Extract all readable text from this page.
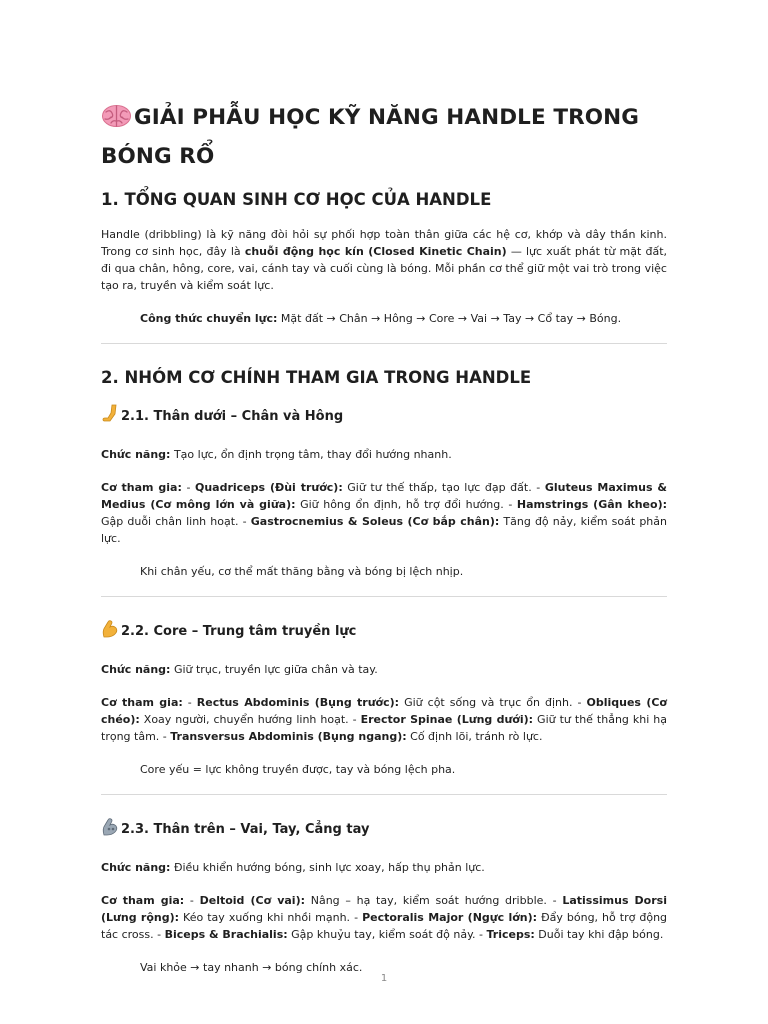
GIẢI PHẪU HỌC KỸ NĂNG HANDLE TRONG BÓNG RỔ
1. TỔNG QUAN SINH CƠ HỌC CỦA HANDLE

Handle (dribbling) là kỹ năng đòi hỏi sự phối hợp toàn thân giữa các hệ cơ, khớp và dây thần kinh. Trong cơ sinh học, đây là chuỗi động học kín (Closed Kinetic Chain) — lực xuất phát từ mặt đất, đi qua chân, hông, core, vai, cánh tay và cuối cùng là bóng. Mỗi phần cơ thể giữ một vai trò trong việc tạo ra, truyền và kiểm soát lực.

Công thức chuyển lực: Mặt đất → Chân → Hông → Core → Vai → Tay → Cổ tay → Bóng.

2. NHÓM CƠ CHÍNH THAM GIA TRONG HANDLE
2.1. Thân dưới – Chân và Hông

Chức năng: Tạo lực, ổn định trọng tâm, thay đổi hướng nhanh.

Cơ tham gia: - Quadriceps (Đùi trước): Giữ tư thế thấp, tạo lực đạp đất. - Gluteus Maximus & Medius (Cơ mông lớn và giữa): Giữ hông ổn định, hỗ trợ đổi hướng. - Hamstrings (Gân kheo): Gập duỗi chân linh hoạt. - Gastrocnemius & Soleus (Cơ bắp chân): Tăng độ nảy, kiểm soát phản lực.

Khi chân yếu, cơ thể mất thăng bằng và bóng bị lệch nhịp.

2.2. Core – Trung tâm truyền lực

Chức năng: Giữ trục, truyền lực giữa chân và tay.

Cơ tham gia: - Rectus Abdominis (Bụng trước): Giữ cột sống và trục ổn định. - Obliques (Cơ chéo): Xoay người, chuyển hướng linh hoạt. - Erector Spinae (Lưng dưới): Giữ tư thế thẳng khi hạ trọng tâm. - Transversus Abdominis (Bụng ngang): Cố định lõi, tránh rò lực.

Core yếu = lực không truyền được, tay và bóng lệch pha.

2.3. Thân trên – Vai, Tay, Cẳng tay

Chức năng: Điều khiển hướng bóng, sinh lực xoay, hấp thụ phản lực.

Cơ tham gia: - Deltoid (Cơ vai): Nâng – hạ tay, kiểm soát hướng dribble. - Latissimus Dorsi (Lưng rộng): Kéo tay xuống khi nhồi mạnh. - Pectoralis Major (Ngực lớn): Đẩy bóng, hỗ trợ động tác cross. - Biceps & Brachialis: Gập khuỷu tay, kiểm soát độ nảy. - Triceps: Duỗi tay khi đập bóng.

Vai khỏe → tay nhanh → bóng chính xác.

1
